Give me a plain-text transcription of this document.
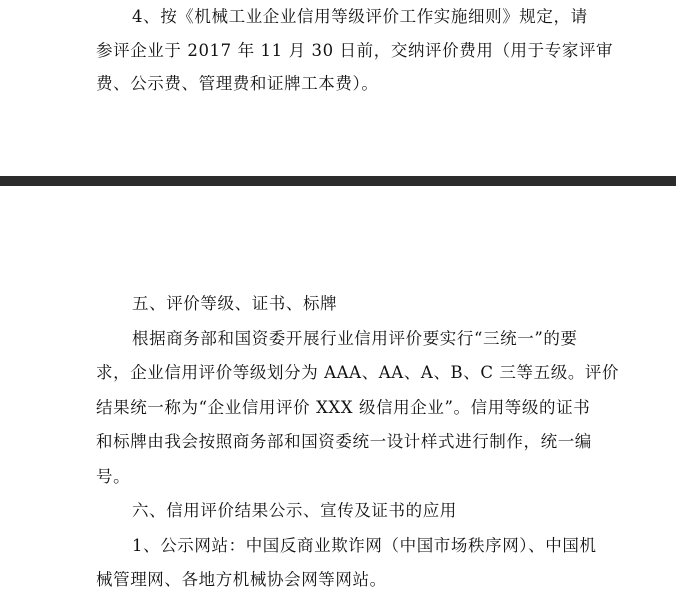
4、按《机械工业企业信用等级评价工作实施细则》规定，请
参评企业于 2017 年 11 月 30 日前，交纳评价费用（用于专家评审
费、公示费、管理费和证牌工本费）。
五、评价等级、证书、标牌
根据商务部和国资委开展行业信用评价要实行“三统一”的要
求，企业信用评价等级划分为 AAA、AA、A、B、C 三等五级。评价
结果统一称为“企业信用评价 XXX 级信用企业”。信用等级的证书
和标牌由我会按照商务部和国资委统一设计样式进行制作，统一编
号。
六、信用评价结果公示、宣传及证书的应用
1、公示网站：中国反商业欺诈网（中国市场秩序网）、中国机
械管理网、各地方机械协会网等网站。
